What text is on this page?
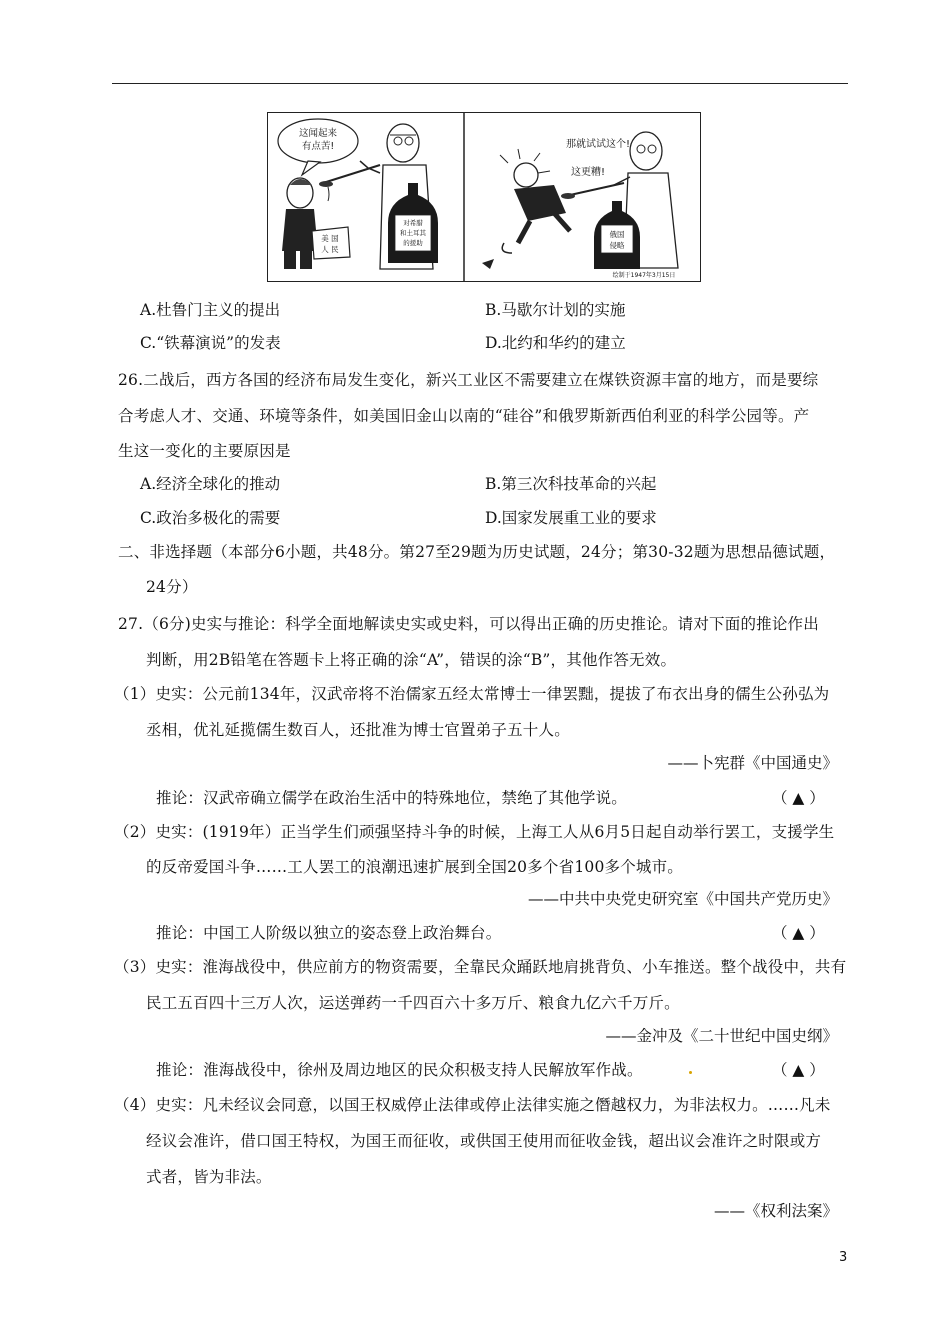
这闻起来
有点苦!
美 国
人 民
对希腊
和土耳其
的援助
那就试试这个!
这更糟!
俄国
侵略
绘制于1947年3月15日
A.杜鲁门主义的提出	B.马歇尔计划的实施
C.“铁幕演说”的发表	D.北约和华约的建立
26.二战后，西方各国的经济布局发生变化，新兴工业区不需要建立在煤铁资源丰富的地方，而是要综
合考虑人才、交通、环境等条件，如美国旧金山以南的“硅谷”和俄罗斯新西伯利亚的科学公园等。产
生这一变化的主要原因是
A.经济全球化的推动	B.第三次科技革命的兴起
C.政治多极化的需要	D.国家发展重工业的要求
二、非选择题（本部分6小题，共48分。第27至29题为历史试题，24分；第30-32题为思想品德试题，
24分）
27.（6分)史实与推论：科学全面地解读史实或史料，可以得出正确的历史推论。请对下面的推论作出
判断，用2B铅笔在答题卡上将正确的涂“A”，错误的涂“B”，其他作答无效。
（1）史实：公元前134年，汉武帝将不治儒家五经太常博士一律罢黜，提拔了布衣出身的儒生公孙弘为
丞相，优礼延揽儒生数百人，还批准为博士官置弟子五十人。
——卜宪群《中国通史》
推论：汉武帝确立儒学在政治生活中的特殊地位，禁绝了其他学说。	（ ▲ ）
（2）史实：(1919年）正当学生们顽强坚持斗争的时候，上海工人从6月5日起自动举行罢工，支援学生
的反帝爱国斗争……工人罢工的浪潮迅速扩展到全国20多个省100多个城市。
——中共中央党史研究室《中国共产党历史》
推论：中国工人阶级以独立的姿态登上政治舞台。	（ ▲ ）
（3）史实：淮海战役中，供应前方的物资需要，全靠民众踊跃地肩挑背负、小车推送。整个战役中，共有
民工五百四十三万人次，运送弹药一千四百六十多万斤、粮食九亿六千万斤。
——金冲及《二十世纪中国史纲》
推论：淮海战役中，徐州及周边地区的民众积极支持人民解放军作战。	（ ▲ ）
（4）史实：凡未经议会同意，以国王权威停止法律或停止法律实施之僭越权力，为非法权力。……凡未
经议会准许，借口国王特权，为国王而征收，或供国王使用而征收金钱，超出议会准许之时限或方
式者，皆为非法。
——《权利法案》
3
